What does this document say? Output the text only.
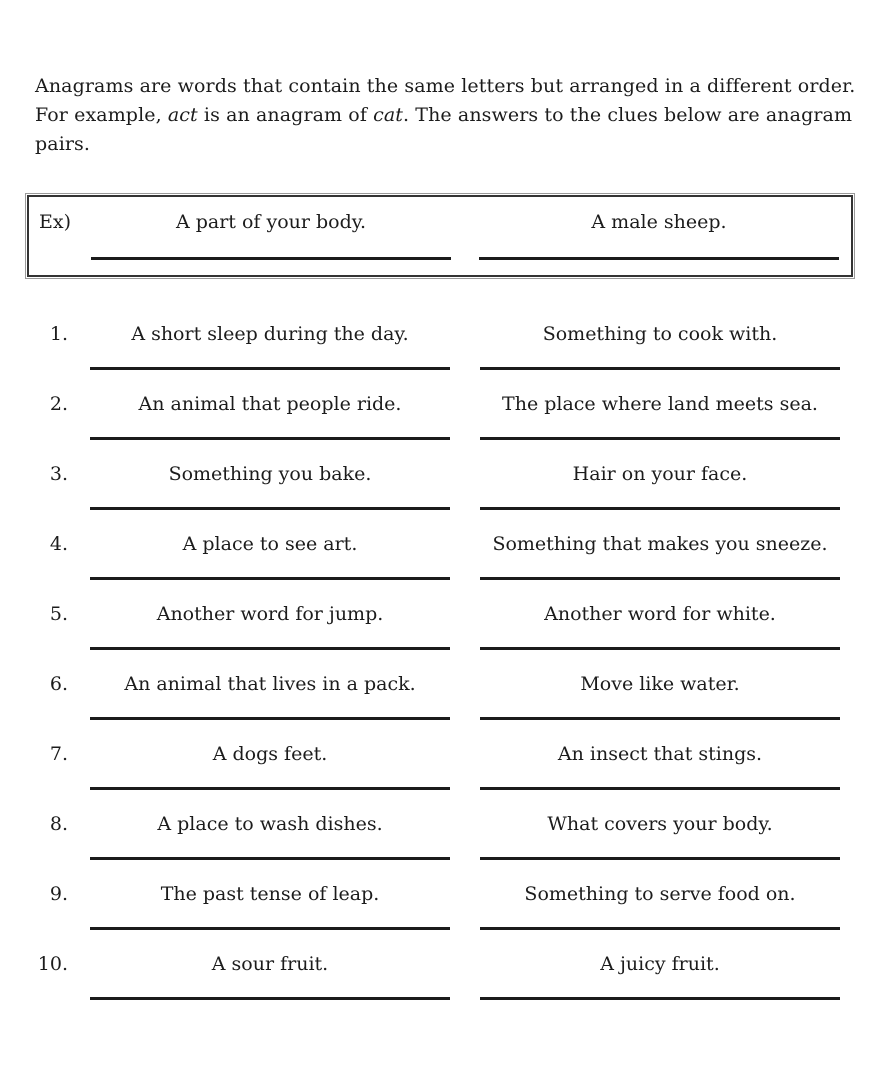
Anagrams are words that contain the same letters but arranged in a different order.
For example, act is an anagram of cat. The answers to the clues below are anagram
pairs.

Ex)	A part of your body.	A male sheep.
1.	A short sleep during the day.	Something to cook with.
2.	An animal that people ride.	The place where land meets sea.
3.	Something you bake.	Hair on your face.
4.	A place to see art.	Something that makes you sneeze.
5.	Another word for jump.	Another word for white.
6.	An animal that lives in a pack.	Move like water.
7.	A dogs feet.	An insect that stings.
8.	A place to wash dishes.	What covers your body.
9.	The past tense of leap.	Something to serve food on.
10.	A sour fruit.	A juicy fruit.
